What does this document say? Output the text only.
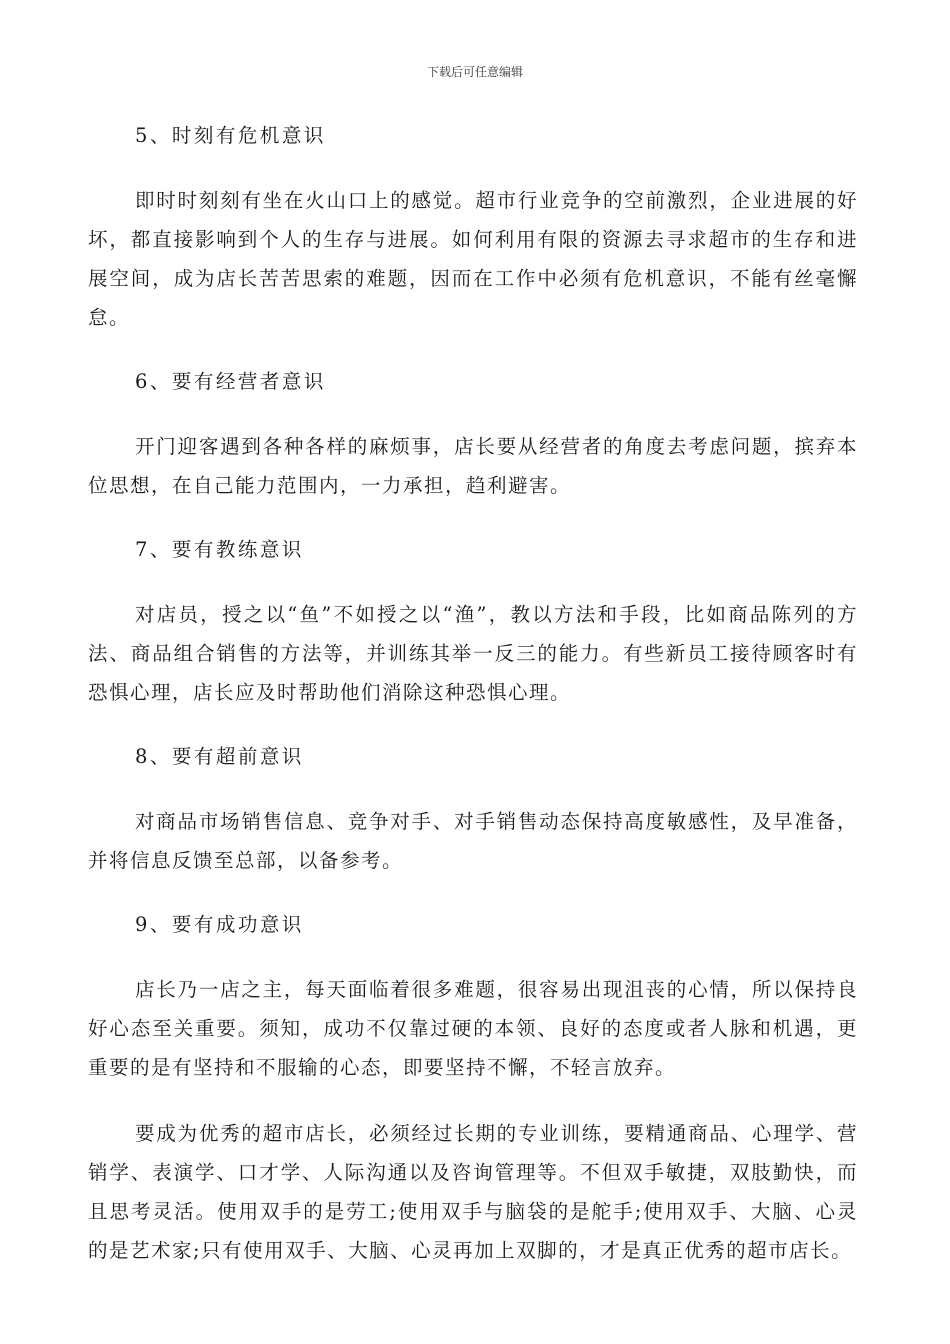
下载后可任意编辑
5、时刻有危机意识
即时时刻刻有坐在火山口上的感觉。超市行业竞争的空前激烈，企业进展的好坏，都直接影响到个人的生存与进展。如何利用有限的资源去寻求超市的生存和进展空间，成为店长苦苦思索的难题，因而在工作中必须有危机意识，不能有丝毫懈怠。
6、要有经营者意识
开门迎客遇到各种各样的麻烦事，店长要从经营者的角度去考虑问题，摈弃本位思想，在自己能力范围内，一力承担，趋利避害。
7、要有教练意识
对店员，授之以“鱼”不如授之以“渔”，教以方法和手段，比如商品陈列的方法、商品组合销售的方法等，并训练其举一反三的能力。有些新员工接待顾客时有恐惧心理，店长应及时帮助他们消除这种恐惧心理。
8、要有超前意识
对商品市场销售信息、竞争对手、对手销售动态保持高度敏感性，及早准备，并将信息反馈至总部，以备参考。
9、要有成功意识
店长乃一店之主，每天面临着很多难题，很容易出现沮丧的心情，所以保持良好心态至关重要。须知，成功不仅靠过硬的本领、良好的态度或者人脉和机遇，更重要的是有坚持和不服输的心态，即要坚持不懈，不轻言放弃。
要成为优秀的超市店长，必须经过长期的专业训练，要精通商品、心理学、营销学、表演学、口才学、人际沟通以及咨询管理等。不但双手敏捷，双肢勤快，而且思考灵活。使用双手的是劳工;使用双手与脑袋的是舵手;使用双手、大脑、心灵的是艺术家;只有使用双手、大脑、心灵再加上双脚的，才是真正优秀的超市店长。
